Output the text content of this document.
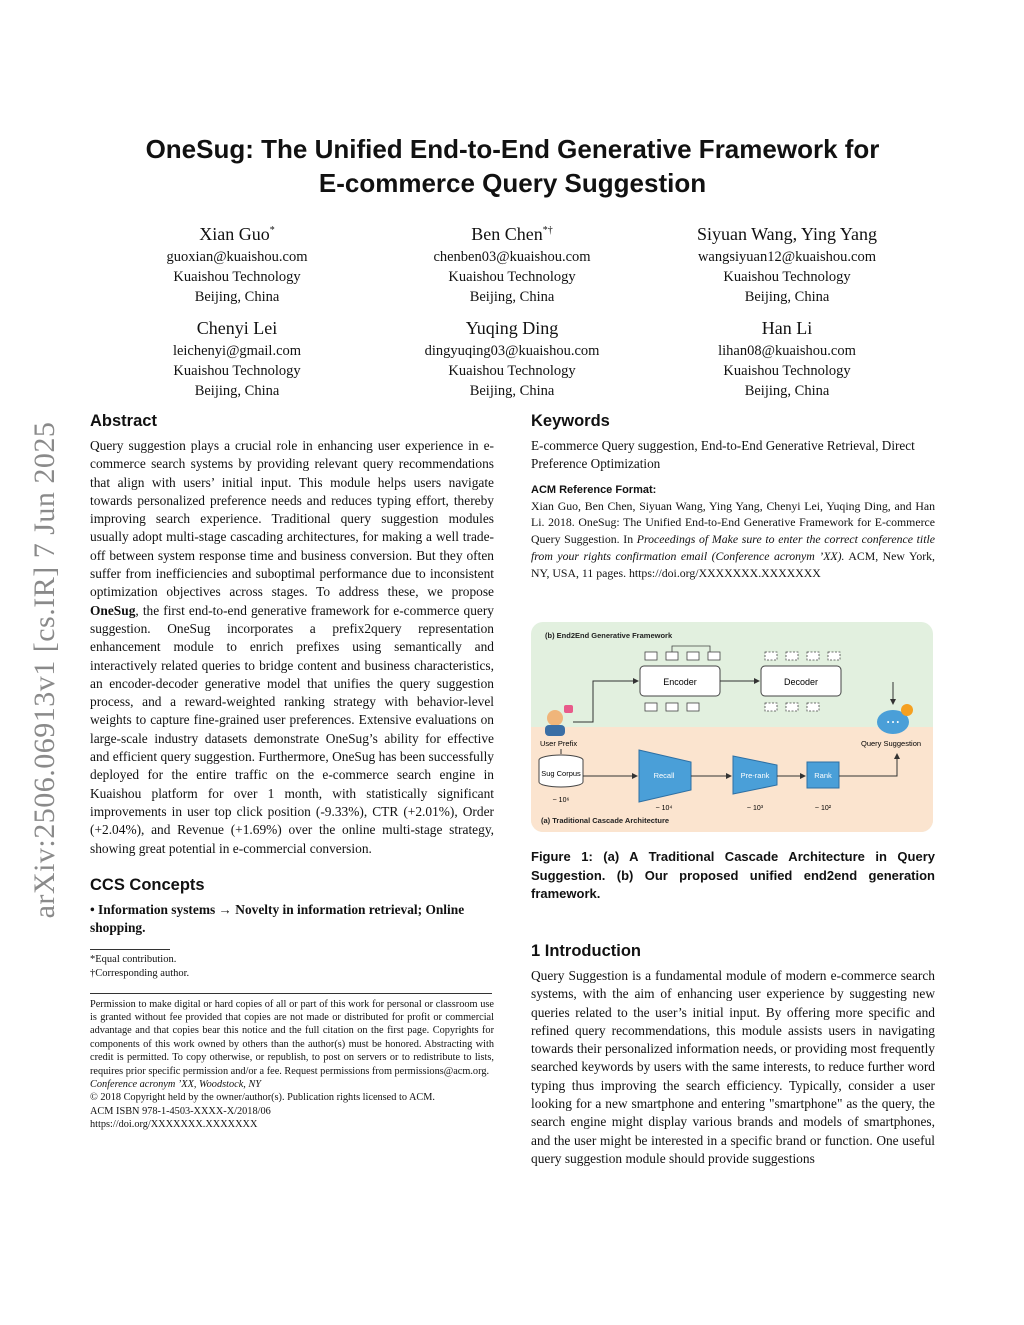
arXiv:2506.06913v1 [cs.IR] 7 Jun 2025
OneSug: The Unified End-to-End Generative Framework for
E-commerce Query Suggestion
Xian Guo*
guoxian@kuaishou.com
Kuaishou Technology
Beijing, China
Ben Chen*†
chenben03@kuaishou.com
Kuaishou Technology
Beijing, China
Siyuan Wang, Ying Yang
wangsiyuan12@kuaishou.com
Kuaishou Technology
Beijing, China
Chenyi Lei
leichenyi@gmail.com
Kuaishou Technology
Beijing, China
Yuqing Ding
dingyuqing03@kuaishou.com
Kuaishou Technology
Beijing, China
Han Li
lihan08@kuaishou.com
Kuaishou Technology
Beijing, China
Abstract

Query suggestion plays a crucial role in enhancing user experience in e-commerce search systems by providing relevant query recommendations that align with users’ initial input. This module helps users navigate towards personalized preference needs and reduces typing effort, thereby improving search experience. Traditional query suggestion modules usually adopt multi-stage cascading architectures, for making a well trade-off between system response time and business conversion. But they often suffer from inefficiencies and suboptimal performance due to inconsistent optimization objectives across stages. To address these, we propose OneSug, the first end-to-end generative framework for e-commerce query suggestion. OneSug incorporates a prefix2query representation enhancement module to enrich prefixes using semantically and interactively related queries to bridge content and business characteristics, an encoder-decoder generative model that unifies the query suggestion process, and a reward-weighted ranking strategy with behavior-level weights to capture fine-grained user preferences. Extensive evaluations on large-scale industry datasets demonstrate OneSug’s ability for effective and efficient query suggestion. Furthermore, OneSug has been successfully deployed for the entire traffic on the e-commerce search engine in Kuaishou platform for over 1 month, with statistically significant improvements in user top click position (-9.33%), CTR (+2.01%), Order (+2.04%), and Revenue (+1.69%) over the online multi-stage strategy, showing great potential in e-commercial conversion.

CCS Concepts

• Information systems → Novelty in information retrieval; Online shopping.

*Equal contribution.
†Corresponding author.
Permission to make digital or hard copies of all or part of this work for personal or classroom use is granted without fee provided that copies are not made or distributed for profit or commercial advantage and that copies bear this notice and the full citation on the first page. Copyrights for components of this work owned by others than the author(s) must be honored. Abstracting with credit is permitted. To copy otherwise, or republish, to post on servers or to redistribute to lists, requires prior specific permission and/or a fee. Request permissions from permissions@acm.org.
Conference acronym ’XX, Woodstock, NY
© 2018 Copyright held by the owner/author(s). Publication rights licensed to ACM.
ACM ISBN 978-1-4503-XXXX-X/2018/06
https://doi.org/XXXXXXX.XXXXXXX
Keywords

E-commerce Query suggestion, End-to-End Generative Retrieval, Direct Preference Optimization

ACM Reference Format:

Xian Guo, Ben Chen, Siyuan Wang, Ying Yang, Chenyi Lei, Yuqing Ding, and Han Li. 2018. OneSug: The Unified End-to-End Generative Framework for E-commerce Query Suggestion. In Proceedings of Make sure to enter the correct conference title from your rights confirmation email (Conference acronym ’XX). ACM, New York, NY, USA, 11 pages. https://doi.org/XXXXXXX.XXXXXXX

(b) End2End Generative Framework
Encoder	Decoder
User Prefix
• • •
Query Suggestion
(a) Traditional Cascade Architecture
Sug Corpus
~ 10⁶
Recall
~ 10⁴
Pre-rank
~ 10³
Rank
~ 10²
Figure 1: (a) A Traditional Cascade Architecture in Query Suggestion. (b) Our proposed unified end2end generation framework.
1 Introduction

Query Suggestion is a fundamental module of modern e-commerce search systems, with the aim of enhancing user experience by suggesting new queries related to the user’s initial input. By offering more specific and refined query recommendations, this module assists users in navigating towards their personalized information needs, or providing most frequently searched keywords by users with the same interests, to reduce further word typing thus improving the search efficiency. Typically, consider a user looking for a new smartphone and entering "smartphone" as the query, the search engine might display various brands and models of smartphones, and the user might be interested in a specific brand or function. One useful query suggestion module should provide suggestions
